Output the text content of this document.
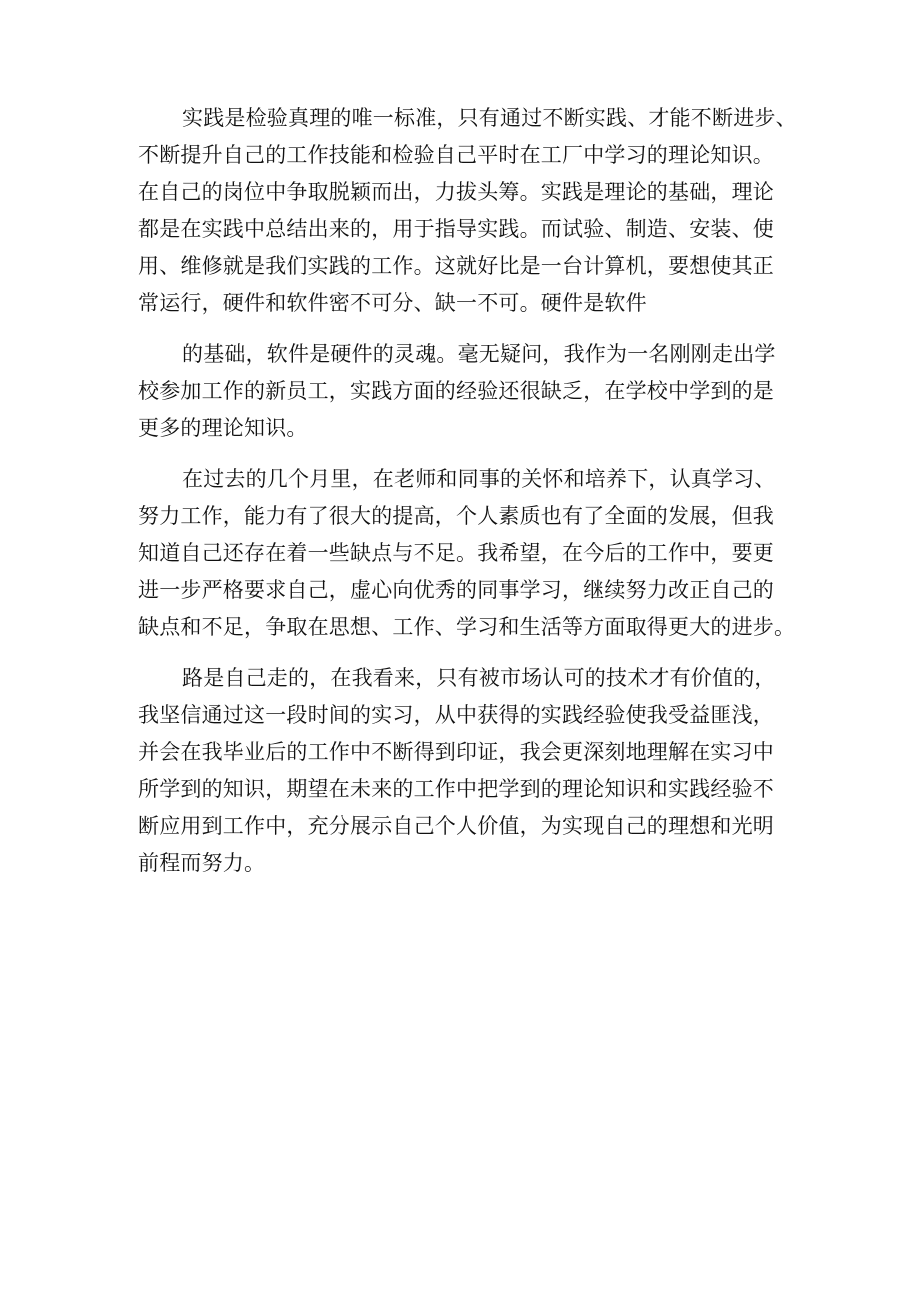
实践是检验真理的唯一标准，只有通过不断实践、才能不断进步、
不断提升自己的工作技能和检验自己平时在工厂中学习的理论知识。
在自己的岗位中争取脱颖而出，力拔头筹。实践是理论的基础，理论
都是在实践中总结出来的，用于指导实践。而试验、制造、安装、使
用、维修就是我们实践的工作。这就好比是一台计算机，要想使其正
常运行，硬件和软件密不可分、缺一不可。硬件是软件
的基础，软件是硬件的灵魂。毫无疑问，我作为一名刚刚走出学
校参加工作的新员工，实践方面的经验还很缺乏，在学校中学到的是
更多的理论知识。
在过去的几个月里，在老师和同事的关怀和培养下，认真学习、
努力工作，能力有了很大的提高，个人素质也有了全面的发展，但我
知道自己还存在着一些缺点与不足。我希望，在今后的工作中，要更
进一步严格要求自己，虚心向优秀的同事学习，继续努力改正自己的
缺点和不足，争取在思想、工作、学习和生活等方面取得更大的进步。
路是自己走的，在我看来，只有被市场认可的技术才有价值的，
我坚信通过这一段时间的实习，从中获得的实践经验使我受益匪浅，
并会在我毕业后的工作中不断得到印证，我会更深刻地理解在实习中
所学到的知识，期望在未来的工作中把学到的理论知识和实践经验不
断应用到工作中，充分展示自己个人价值，为实现自己的理想和光明
前程而努力。
